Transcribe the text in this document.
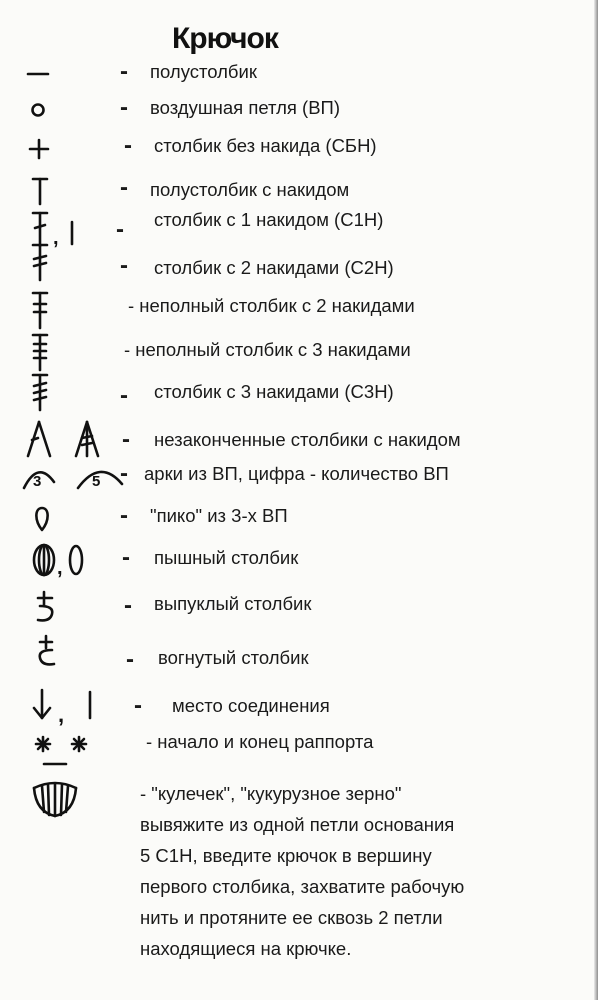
Крючок
- полустолбик
- воздушная петля (ВП)
- столбик без накида (СБН)
- полустолбик с накидом
, - столбик с 1 накидом (С1Н)
- столбик с 2 накидами (С2Н)
- неполный столбик с 2 накидами
- неполный столбик с 3 накидами
- столбик с 3 накидами (С3Н)
- незаконченные столбики с накидом
3	5 - арки из ВП, цифра - количество ВП
- "пико" из 3-х ВП
, - пышный столбик
- выпуклый столбик
- вогнутый столбик
,	- место соединения
- начало и конец раппорта

- "кулечек", "кукурузное зерно"
вывяжите из одной петли основания
5 С1Н, введите крючок в вершину
первого столбика, захватите рабочую
нить и протяните ее сквозь 2 петли
находящиеся на крючке.
